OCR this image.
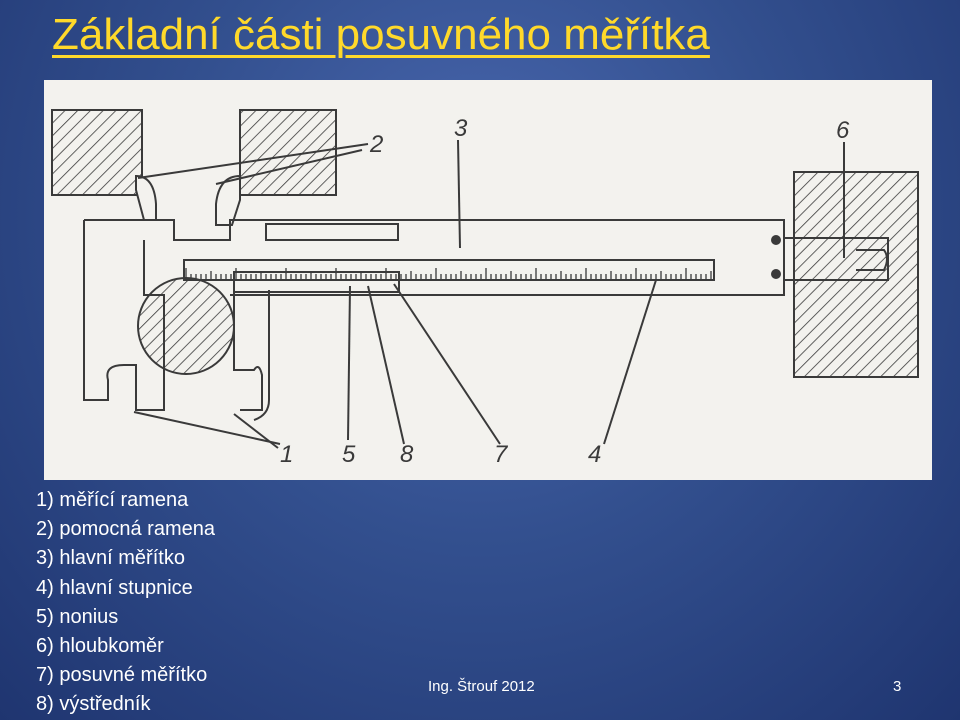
Základní části posuvného měřítka
2
3	6
1 5 8	7	4
1) měřící ramena
2) pomocná ramena
3) hlavní měřítko
4) hlavní stupnice
5) nonius
6) hloubkoměr
7) posuvné měřítko
8) výstředník
Ing. Štrouf 2012	3
